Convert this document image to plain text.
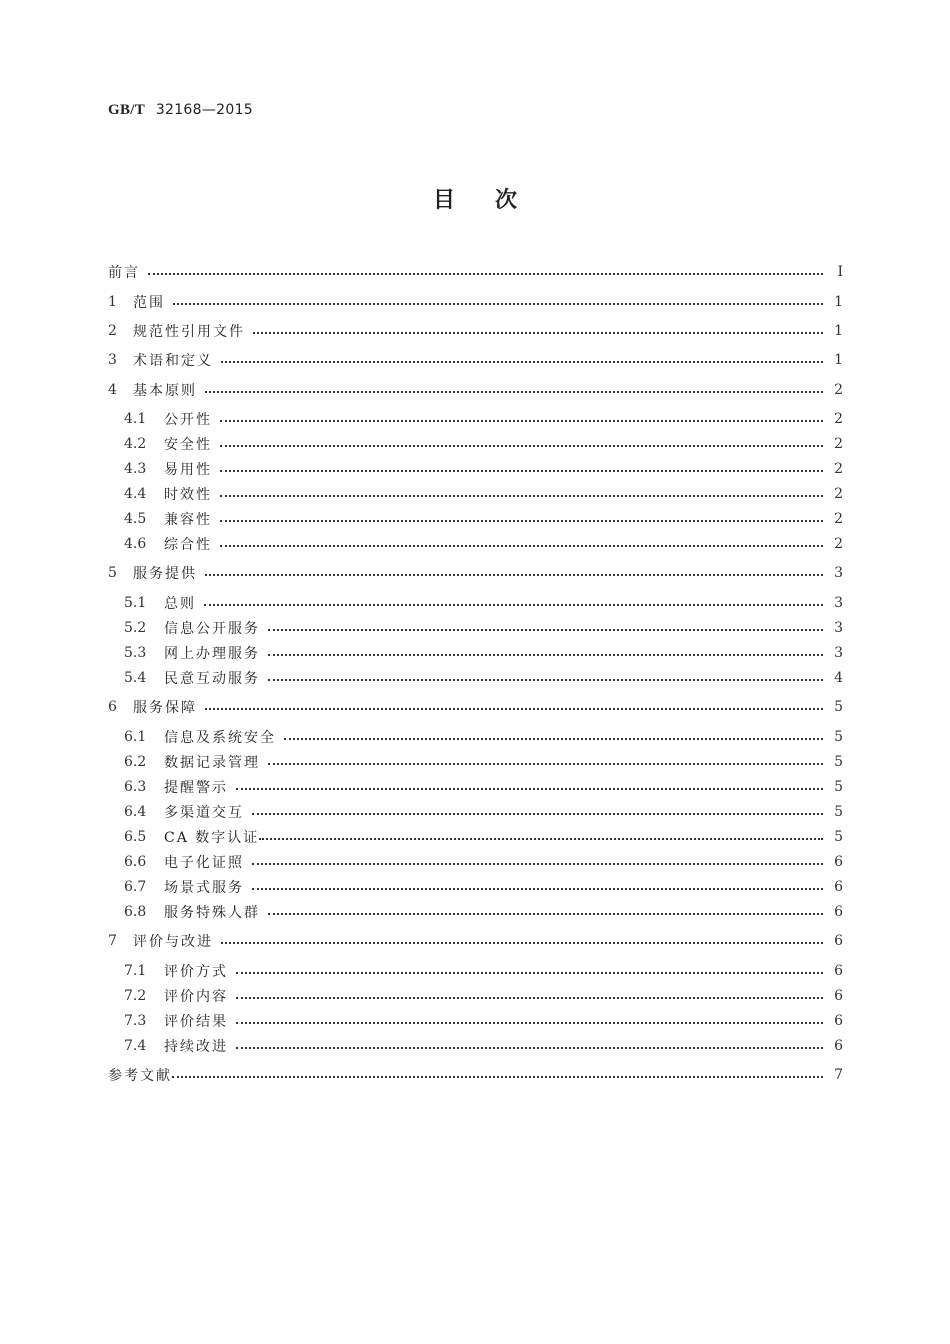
GB/T 32168—2015
目次
前言	Ⅰ
1	范围	1
2	规范性引用文件	1
3	术语和定义	1
4	基本原则	2
4.1	公开性	2
4.2	安全性	2
4.3	易用性	2
4.4	时效性	2
4.5	兼容性	2
4.6	综合性	2
5	服务提供	3
5.1	总则	3
5.2	信息公开服务	3
5.3	网上办理服务	3
5.4	民意互动服务	4
6	服务保障	5
6.1	信息及系统安全	5
6.2	数据记录管理	5
6.3	提醒警示	5
6.4	多渠道交互	5
6.5	CA 数字认证	5
6.6	电子化证照	6
6.7	场景式服务	6
6.8	服务特殊人群	6
7	评价与改进	6
7.1	评价方式	6
7.2	评价内容	6
7.3	评价结果	6
7.4	持续改进	6
参考文献	7
